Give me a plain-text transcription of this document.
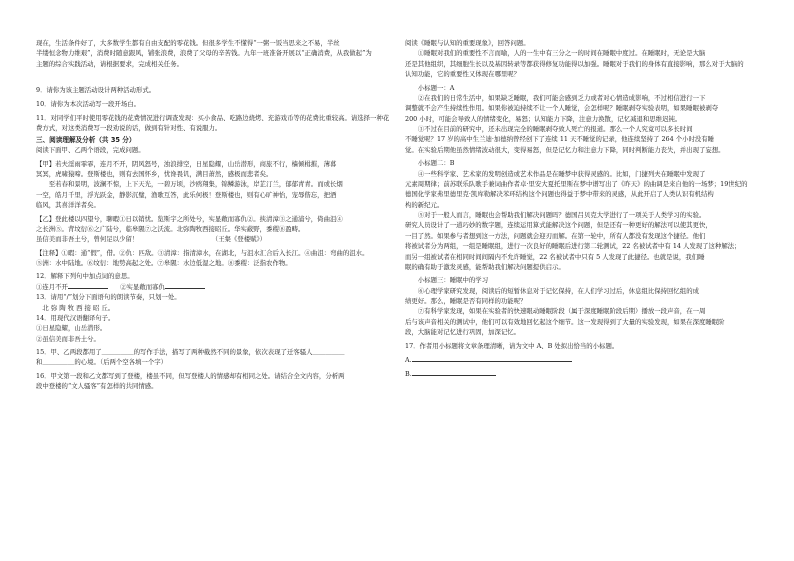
现在，生活条件好了，大多数学生都有自由支配的零花钱。但很多学生不懂得“一粥一饭当思来之不易，半丝

半缕恒念物力维艰”，消费时随意跟风，铺张浪费，浪费了父母的辛苦钱。九年一班准备开展以“正确消费，从我做起”为

主题的综合实践活动，请根据要求，完成相关任务。

9．请你为该主题活动设计两种活动形式。

10．请你为本次活动写一段开场白。

11．对同学们平时使用零花钱的花费情况进行调查发现：买小食品、吃路边烧烤、充游戏币等的花费比重较高。请选择一种花

费方式，对这类消费写一段劝说的话，做到有针对性、有说服力。

三、阅读理解及分析（共 35 分）

阅读下面甲、乙两个语段，完成问题。

【甲】若夫淫雨霏霏，连月不开，阴风怒号，浊浪排空，日星隐耀，山岳潜形，商旅不行，樯倾楫摧，薄暮

冥冥，虎啸猿啼。登斯楼也，则有去国怀乡，忧谗畏讥，满目萧然，感极而悲者矣。

至若春和景明，波澜不惊，上下天光，一碧万顷，沙鸥翔集，锦鳞游泳，岸芷汀兰，郁郁青青。而或长烟

一空，皓月千里，浮光跃金，静影沉璧，渔歌互答，此乐何极！登斯楼也，则有心旷神怡，宠辱偕忘，把酒

临风，其喜洋洋者矣。

【乙】登此楼以四望兮，聊暇①日以销忧。览斯宇之所处兮，实显敞而寡仇②。挟清漳③之通浦兮，倚曲沮④

之长洲⑤。背坟衍⑥之广陆兮，临皋隰⑦之沃流。北弥陶牧西接昭丘。华实蔽野，黍稷⑧盈畴。

虽信美而非吾土兮，曾何足以少留！　　　　　　　　　　　　（王粲《登楼赋》）

【注释】①暇：通“假”，借。②仇：匹敌。③清漳：指清漳水，在湖北，与沮水汇合后入长江。④曲沮：弯曲的沮水。

⑤洲：水中陆地。⑥坟衍：地势高起之处。⑦皋隰：水边低湿之地。⑧黍稷：泛指农作物。

12．解释下列句中加点词的意思。

①连月不开	②实显敞而寡仇

13．请用“/”划分下面语句的朗读节奏，只划一处。

北 弥 陶 牧 西 接 昭 丘。

14．用现代汉语翻译句子。

①日星隐耀，山岳潜形。

②虽信美而非吾土兮。

15．甲、乙两段都用了＿＿＿＿＿的写作手法，描写了两种截然不同的景象，依次表现了迁客骚人＿＿＿＿＿

和＿＿＿＿＿的心境。（后两个空各填一个字）

16．甲文第一段和乙文都写到了登楼，楼虽不同，但写登楼人的情感却有相同之处。请结合全文内容，分析两

段中登楼的“文人骚客”有怎样的共同情感。

阅读《睡眠与认知的重要现象》，回答问题。

①睡眠对我们的重要性不言而喻，人的一生中有三分之一的时间在睡眠中度过。在睡眠时，无论是大脑

还是其他组织，其细胞生长以及基因转录等都获得修复功能得以加强。睡眠对于我们的身体有直接影响，那么对于大脑的

认知功能，它的重要性又体现在哪里呢？

小标题一：A

②在我们的日常生活中，如果缺乏睡眠，我们可能会感到乏力或者对心情造成影响，不过相信进行一下

调整就不会产生持续性作用。如果你被迫持续不让一个人睡觉，会怎样呢？睡眠剥夺实验表明，如果睡眠被剥夺

200 小时，可能会导致人的情绪变化，易怒；认知能力下降，注意力涣散，记忆减退和思维迟钝。

③不过在目前的研究中，还未出现完全的睡眠剥夺致人死亡的报道。那么一个人究竟可以多长时间

不睡觉呢？17 岁的高中生兰迪·加德纳曾经创下了连续 11 天不睡觉的记录，他连续坚持了 264 个小时没有睡

觉。在实验后期他虽然情绪波动很大，变得易怒，但是记忆力和注意力下降，同时判断能力丧失，并出现了妄想。

小标题二：B

④一些科学家、艺术家的发明创造或艺术作品是在睡梦中获得灵感的。比如，门捷列夫在睡眠中发现了

元素周期律；前苏联乐队歌手兼词曲作者卓·里安大夏托里斯在梦中谱写出了《昨天》的曲调是来自他的一场梦；19世纪的

德国化学家弗里德里克·凯库勒解决苯环结构这个问题也得益于梦中带来的灵感，从此开启了人类认识有机结构

构的新纪元。

⑤对于一般人而言，睡眠也会帮助我们解决问题吗？德国吕贝克大学进行了一项关于人类学习的实验。

研究人员设计了一道巧妙的数字题，连续运用算式能解决这个问题，但是还有一种更好的解法可以使其更快，

一目了然。如果参与者想到这一方法，问题就会迎刃而解。在第一轮中，所有人都没有发现这个捷径。他们

将被试者分为两组，一组是睡眠组，进行一次良好的睡眠后进行第二轮测试，22 名被试者中有 14 人发现了这种解法；

而另一组被试者在相同时间间隔内不允许睡觉，22 名被试者中只有 5 人发现了此捷径。也就是说，我们睡

眠的确有助于激发灵感，能帮助我们解决问题提供启示。

小标题三：睡眠中的学习

⑥心理学家研究发现，阅读后的短暂休息对于记忆保持，在人们学习过后，休息组比保持回忆组的成

绩更好。那么，睡眠是否有同样的功能呢？

⑦有科学家发现，如果在实验者的快速眼动睡眠阶段（属于深度睡眠阶段后期）播放一段声音，在一周

后与该声音相关的测试中，他们可以有效地回忆起这个细节。这一发现得到了大量的实验发现，如果在深度睡眠阶

段，大脑能对记忆进行巩固，加深记忆。

17．作者用小标题将文章条理清晰，请为文中 A、B 处拟出恰当的小标题。

A.

B.
